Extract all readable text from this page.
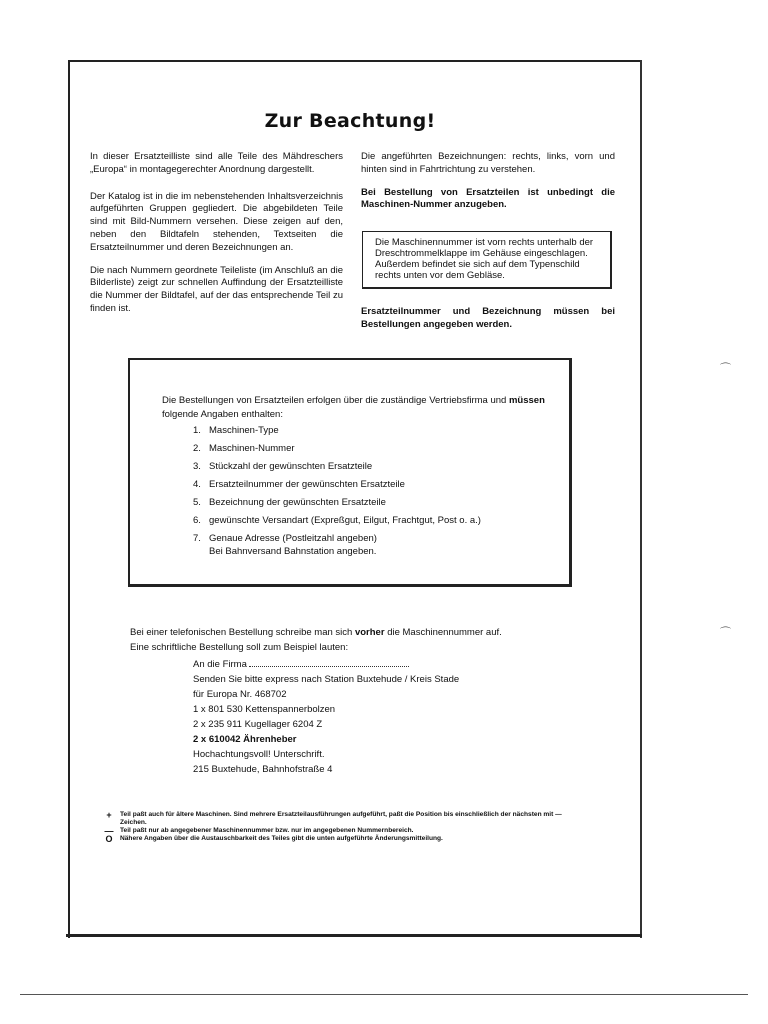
Zur Beachtung!

In dieser Ersatzteilliste sind alle Teile des Mähdreschers „Europa“ in montagegerechter Anordnung dargestellt.

Der Katalog ist in die im nebenstehenden Inhaltsverzeichnis aufgeführten Gruppen gegliedert. Die abgebildeten Teile sind mit Bild-Nummern versehen. Diese zeigen auf den, neben den Bildtafeln stehenden, Textseiten die Ersatzteilnummer und deren Bezeichnungen an.

Die nach Nummern geordnete Teileliste (im Anschluß an die Bilderliste) zeigt zur schnellen Auffindung der Ersatzteilliste die Nummer der Bildtafel, auf der das entsprechende Teil zu finden ist.

Die angeführten Bezeichnungen: rechts, links, vorn und hinten sind in Fahrtrichtung zu verstehen.

Bei Bestellung von Ersatzteilen ist unbedingt die Maschinen-Nummer anzugeben.

Die Maschinennummer ist vorn rechts unterhalb der Dreschtrommelklappe im Gehäuse eingeschlagen. Außerdem befindet sie sich auf dem Typenschild rechts unten vor dem Gebläse.
Ersatzteilnummer und Bezeichnung müssen bei Bestellungen angegeben werden.
Die Bestellungen von Ersatzteilen erfolgen über die zuständige Vertriebsfirma und müssen folgende Angaben enthalten:
1. Maschinen-Type
2. Maschinen-Nummer
3. Stückzahl der gewünschten Ersatzteile
4. Ersatzteilnummer der gewünschten Ersatzteile
5. Bezeichnung der gewünschten Ersatzteile
6. gewünschte Versandart (Expreßgut, Eilgut, Frachtgut, Post o. a.)
7. Genaue Adresse (Postleitzahl angeben)
Bei Bahnversand Bahnstation angeben.
Bei einer telefonischen Bestellung schreibe man sich vorher die Maschinennummer auf.
Eine schriftliche Bestellung soll zum Beispiel lauten:
An die Firma
Senden Sie bitte express nach Station Buxtehude / Kreis Stade
für Europa Nr. 468702
1 x 801 530 Kettenspannerbolzen
2 x 235 911 Kugellager 6204 Z
2 x 610042 Ährenheber
Hochachtungsvoll! Unterschrift.
215 Buxtehude, Bahnhofstraße 4
+	Teil paßt auch für ältere Maschinen. Sind mehrere Ersatzteilausführungen aufgeführt, paßt die Position bis einschließlich der nächsten mit — Zeichen.
— Teil paßt nur ab angegebener Maschinennummer bzw. nur im angegebenen Nummernbereich.
O	Nähere Angaben über die Austauschbarkeit des Teiles gibt die unten aufgeführte Änderungsmitteilung.
⌒
⌒
